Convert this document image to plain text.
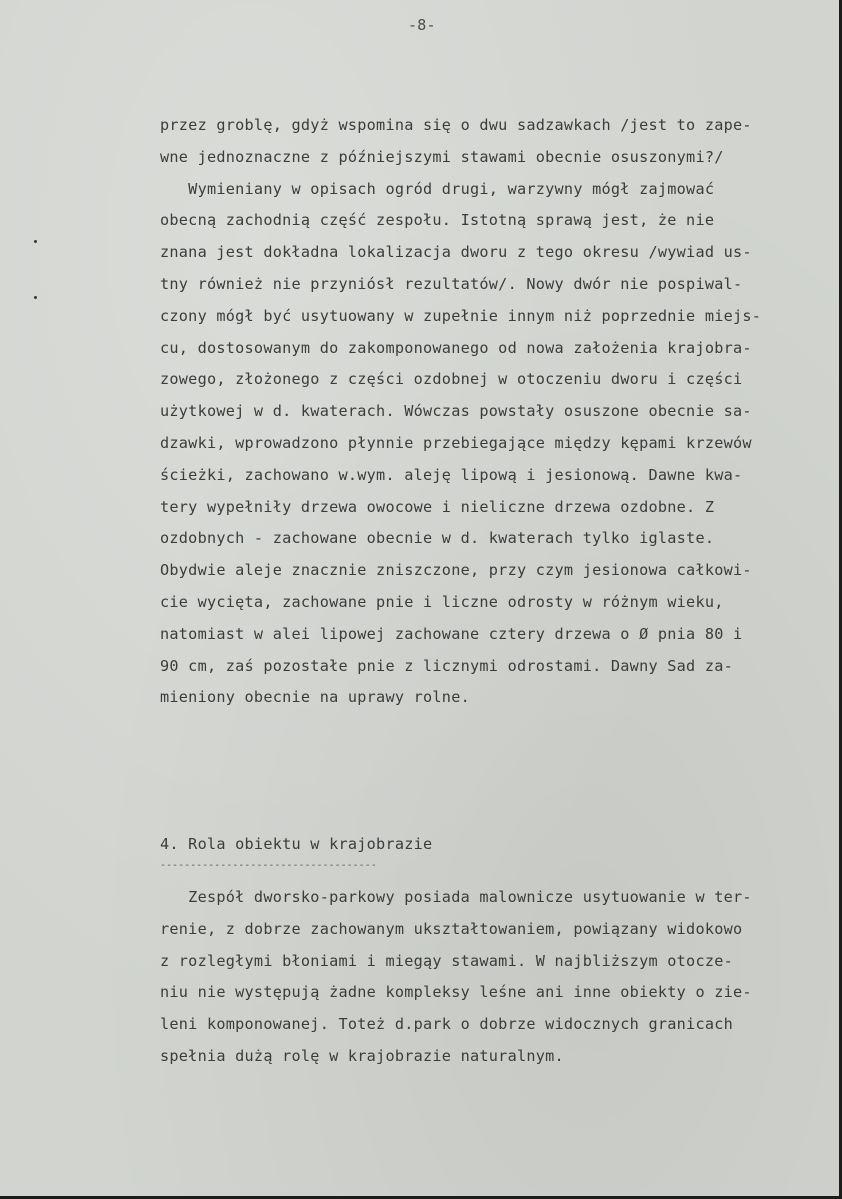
-8-
przez groblę, gdyż wspomina się o dwu sadzawkach /jest to zape-
wne jednoznaczne z późniejszymi stawami obecnie osuszonymi?/
Wymieniany w opisach ogród drugi, warzywny mógł zajmować
obecną zachodnią część zespołu. Istotną sprawą jest, że nie
znana jest dokładna lokalizacja dworu z tego okresu /wywiad us-
tny również nie przyniósł rezultatów/. Nowy dwór nie pospiwal-
czony mógł być usytuowany w zupełnie innym niż poprzednie miejs-
cu, dostosowanym do zakomponowanego od nowa założenia krajobra-
zowego, złożonego z części ozdobnej w otoczeniu dworu i części
użytkowej w d. kwaterach. Wówczas powstały osuszone obecnie sa-
dzawki, wprowadzono płynnie przebiegające między kępami krzewów
ścieżki, zachowano w.wym. aleję lipową i jesionową. Dawne kwa-
tery wypełniły drzewa owocowe i nieliczne drzewa ozdobne. Z
ozdobnych - zachowane obecnie w d. kwaterach tylko iglaste.
Obydwie aleje znacznie zniszczone, przy czym jesionowa całkowi-
cie wycięta, zachowane pnie i liczne odrosty w różnym wieku,
natomiast w alei lipowej zachowane cztery drzewa o Ø pnia 80 i
90 cm, zaś pozostałe pnie z licznymi odrostami. Dawny Sad za-
mieniony obecnie na uprawy rolne.
4. Rola obiektu w krajobrazie
------------------------------------
Zespół dworsko-parkowy posiada malownicze usytuowanie w ter-
renie, z dobrze zachowanym ukształtowaniem, powiązany widokowo
z rozległymi błoniami i miegąy stawami. W najbliższym otocze-
niu nie występują żadne kompleksy leśne ani inne obiekty o zie-
leni komponowanej. Toteż d.park o dobrze widocznych granicach
spełnia dużą rolę w krajobrazie naturalnym.
